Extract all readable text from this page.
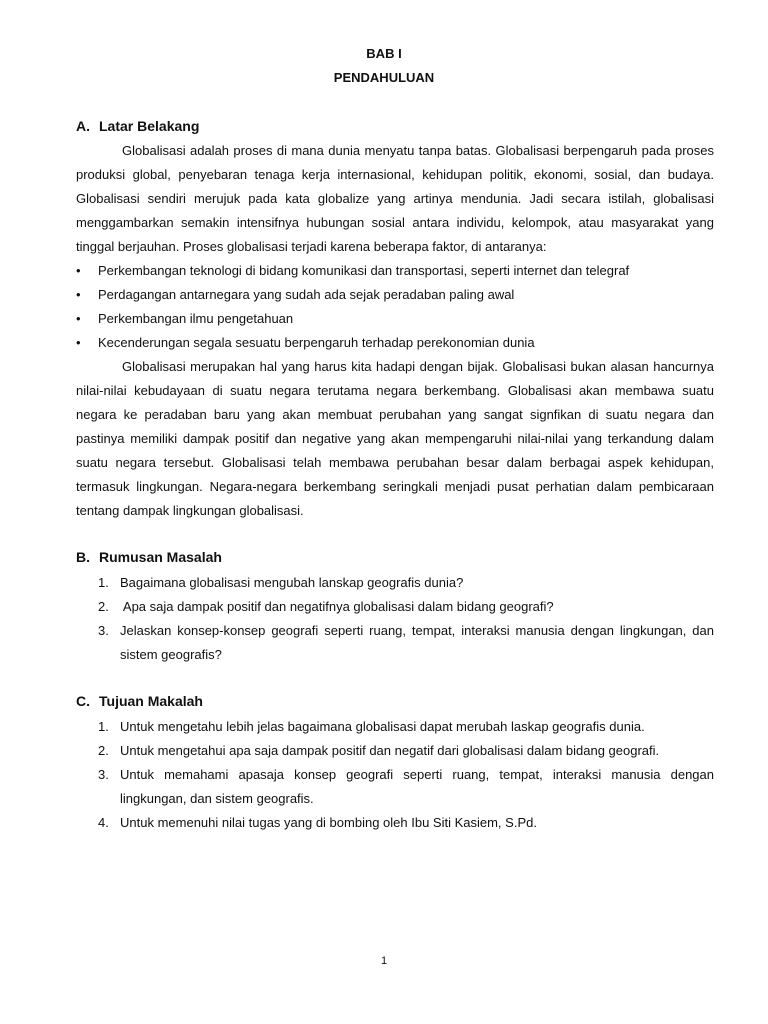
BAB I
PENDAHULUAN
A. Latar Belakang
Globalisasi adalah proses di mana dunia menyatu tanpa batas. Globalisasi berpengaruh pada proses produksi global, penyebaran tenaga kerja internasional, kehidupan politik, ekonomi, sosial, dan budaya. Globalisasi sendiri merujuk pada kata globalize yang artinya mendunia. Jadi secara istilah, globalisasi menggambarkan semakin intensifnya hubungan sosial antara individu, kelompok, atau masyarakat yang tinggal berjauhan. Proses globalisasi terjadi karena beberapa faktor, di antaranya:
• Perkembangan teknologi di bidang komunikasi dan transportasi, seperti internet dan telegraf
• Perdagangan antarnegara yang sudah ada sejak peradaban paling awal
• Perkembangan ilmu pengetahuan
• Kecenderungan segala sesuatu berpengaruh terhadap perekonomian dunia
Globalisasi merupakan hal yang harus kita hadapi dengan bijak. Globalisasi bukan alasan hancurnya nilai-nilai kebudayaan di suatu negara terutama negara berkembang. Globalisasi akan membawa suatu negara ke peradaban baru yang akan membuat perubahan yang sangat signfikan di suatu negara dan pastinya memiliki dampak positif dan negative yang akan mempengaruhi nilai-nilai yang terkandung dalam suatu negara tersebut. Globalisasi telah membawa perubahan besar dalam berbagai aspek kehidupan, termasuk lingkungan. Negara-negara berkembang seringkali menjadi pusat perhatian dalam pembicaraan tentang dampak lingkungan globalisasi.
B. Rumusan Masalah
1. Bagaimana globalisasi mengubah lanskap geografis dunia?
2. Apa saja dampak positif dan negatifnya globalisasi dalam bidang geografi?
3. Jelaskan konsep-konsep geografi seperti ruang, tempat, interaksi manusia dengan lingkungan, dan sistem geografis?
C. Tujuan Makalah
1. Untuk mengetahu lebih jelas bagaimana globalisasi dapat merubah laskap geografis dunia.
2. Untuk mengetahui apa saja dampak positif dan negatif dari globalisasi dalam bidang geografi.
3. Untuk memahami apasaja konsep geografi seperti ruang, tempat, interaksi manusia dengan lingkungan, dan sistem geografis.
4. Untuk memenuhi nilai tugas yang di bombing oleh Ibu Siti Kasiem, S.Pd.
1
